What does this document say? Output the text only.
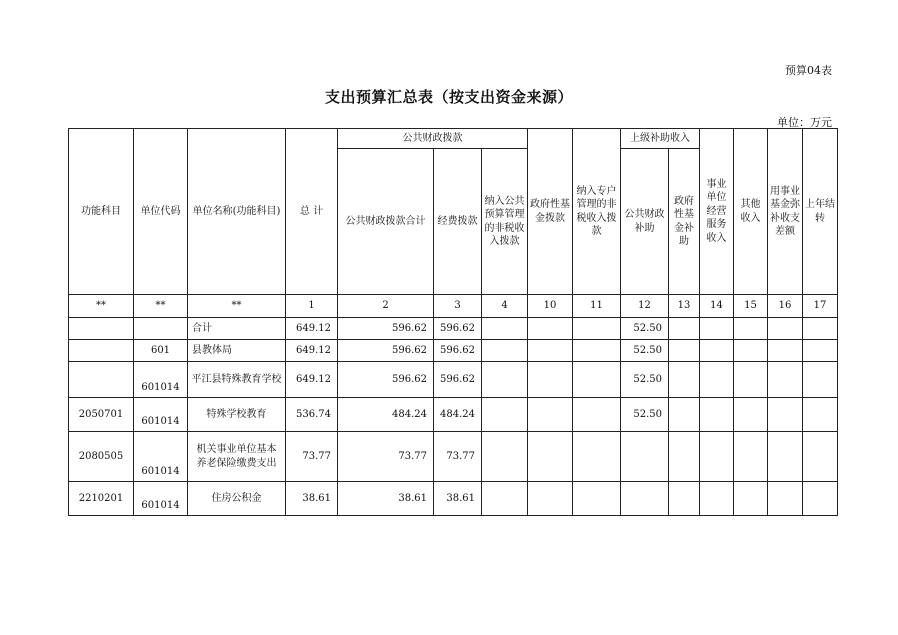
预算04表
支出预算汇总表（按支出资金来源）
单位：万元
功能科目	单位代码	单位名称(功能科目)	总 计	公共财政拨款			政府性基金拨款	纳入专户管理的非税收入拨款	上级补助收入		事业单位经营服务收入	其他收入	用事业基金弥补收支差额	上年结转
				公共财政拨款合计	经费拨款	纳入公共预算管理的非税收入拨款			公共财政补助	政府性基金补助				
**	**	**	1	2	3	4	10	11	12	13	14	15	16	17
		合计	649.12	596.62	596.62				52.50					
	601	县教体局	649.12	596.62	596.62				52.50					
	601014	平江县特殊教育学校	649.12	596.62	596.62				52.50					
2050701	601014	特殊学校教育	536.74	484.24	484.24				52.50					
2080505	601014	机关事业单位基本养老保险缴费支出	73.77	73.77	73.77									
2210201	601014	住房公积金	38.61	38.61	38.61									
